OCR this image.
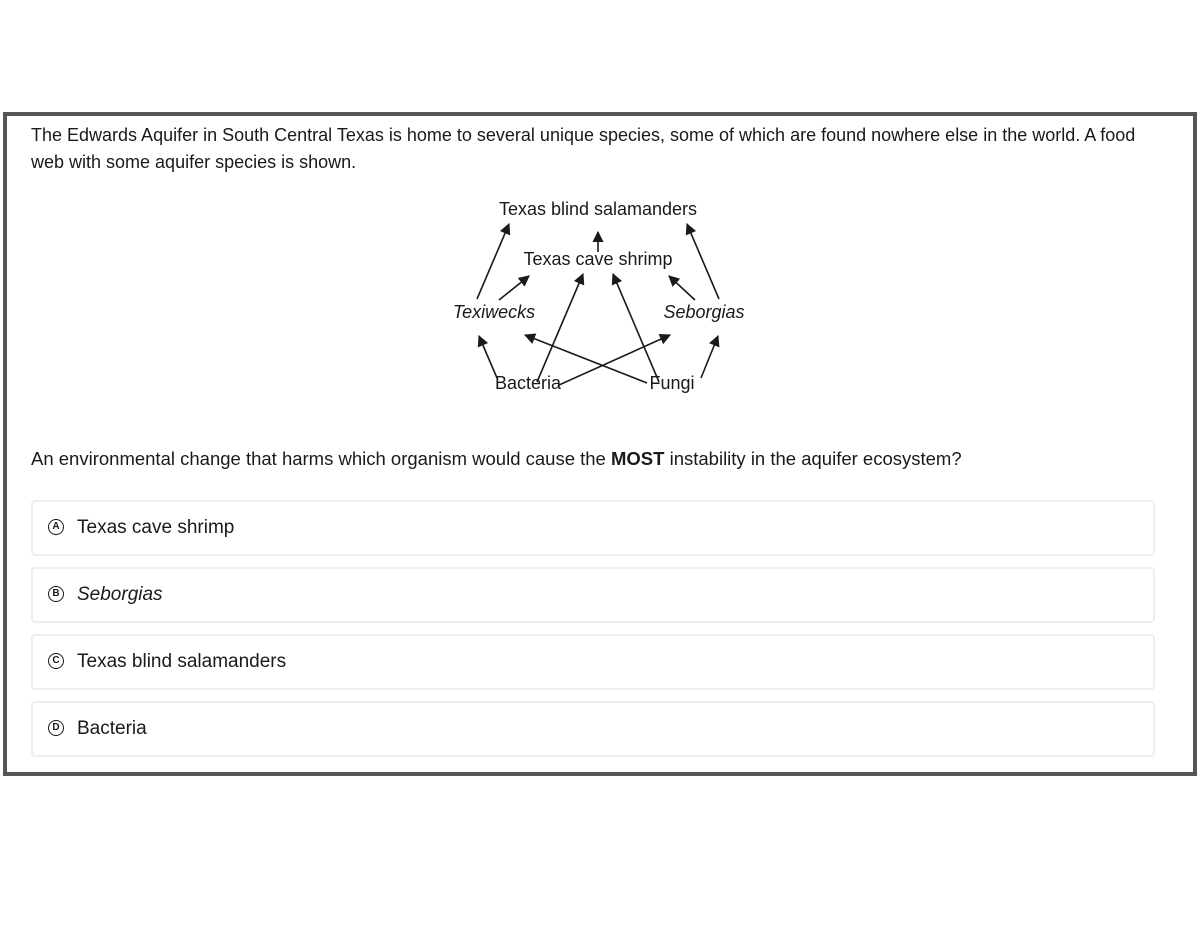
The Edwards Aquifer in South Central Texas is home to several unique species, some of which are found nowhere else in the world. A food web with some aquifer species is shown.

Texas blind salamanders
Texas cave shrimp
Texiwecks	Seborgias
Bacteria	Fungi

An environmental change that harms which organism would cause the MOST instability in the aquifer ecosystem?

A Texas cave shrimp
B Seborgias
C Texas blind salamanders
D Bacteria
